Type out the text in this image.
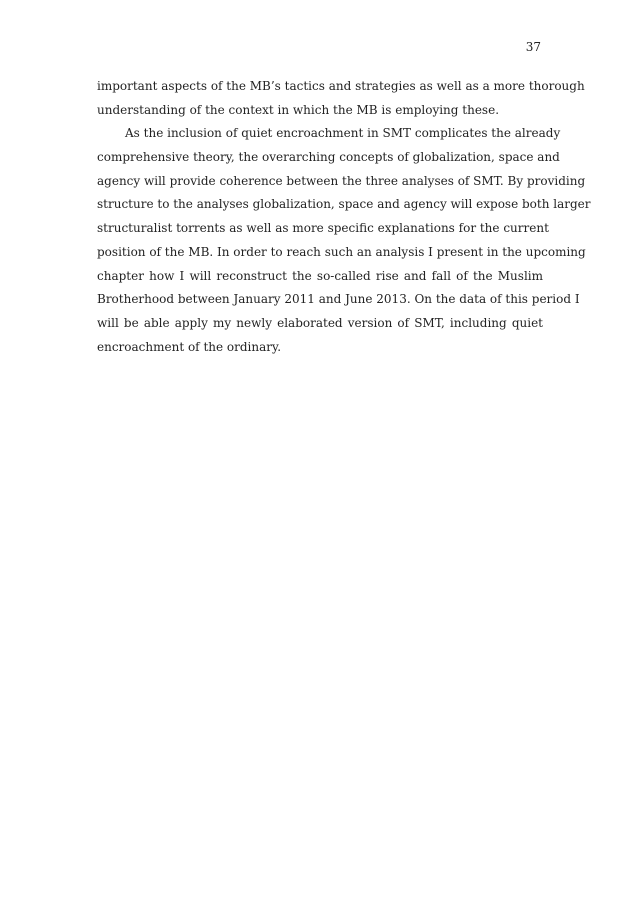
37
important aspects of the MB’s tactics and strategies as well as a more thorough
understanding of the context in which the MB is employing these.
As the inclusion of quiet encroachment in SMT complicates the already
comprehensive theory, the overarching concepts of globalization, space and
agency will provide coherence between the three analyses of SMT. By providing
structure to the analyses globalization, space and agency will expose both larger
structuralist torrents as well as more specific explanations for the current
position of the MB. In order to reach such an analysis I present in the upcoming
chapter how I will reconstruct the so-called rise and fall of the Muslim
Brotherhood between January 2011 and June 2013. On the data of this period I
will be able apply my newly elaborated version of SMT, including quiet
encroachment of the ordinary.
